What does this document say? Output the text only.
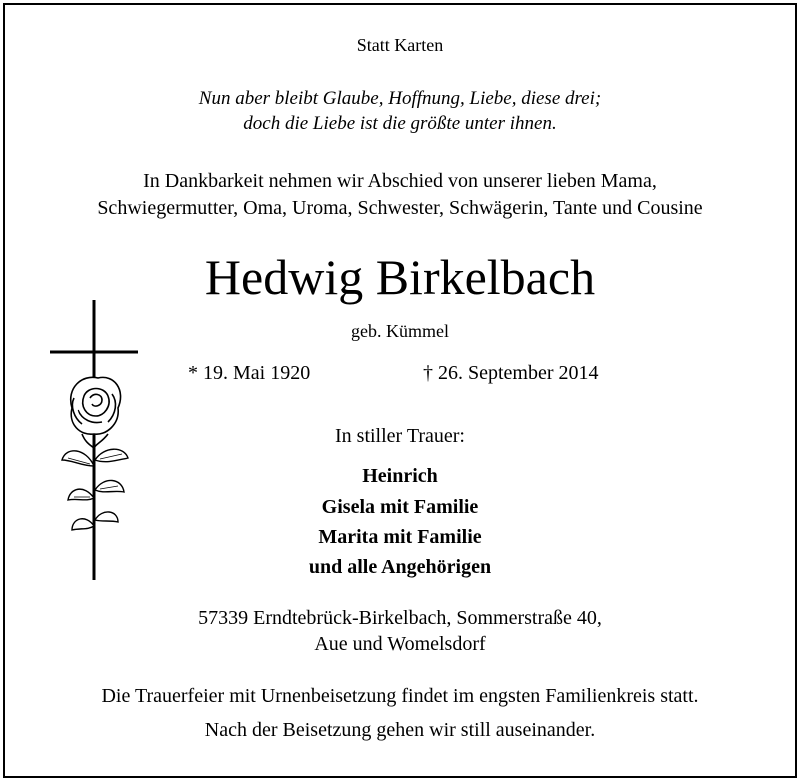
Statt Karten
Nun aber bleibt Glaube, Hoffnung, Liebe, diese drei;
doch die Liebe ist die größte unter ihnen.
In Dankbarkeit nehmen wir Abschied von unserer lieben Mama,
Schwiegermutter, Oma, Uroma, Schwester, Schwägerin, Tante und Cousine
Hedwig Birkelbach
geb. Kümmel
* 19. Mai 1920	† 26. September 2014
In stiller Trauer:
Heinrich
Gisela mit Familie
Marita mit Familie
und alle Angehörigen
57339 Erndtebrück-Birkelbach, Sommerstraße 40,
Aue und Womelsdorf
Die Trauerfeier mit Urnenbeisetzung findet im engsten Familienkreis statt.
Nach der Beisetzung gehen wir still auseinander.
